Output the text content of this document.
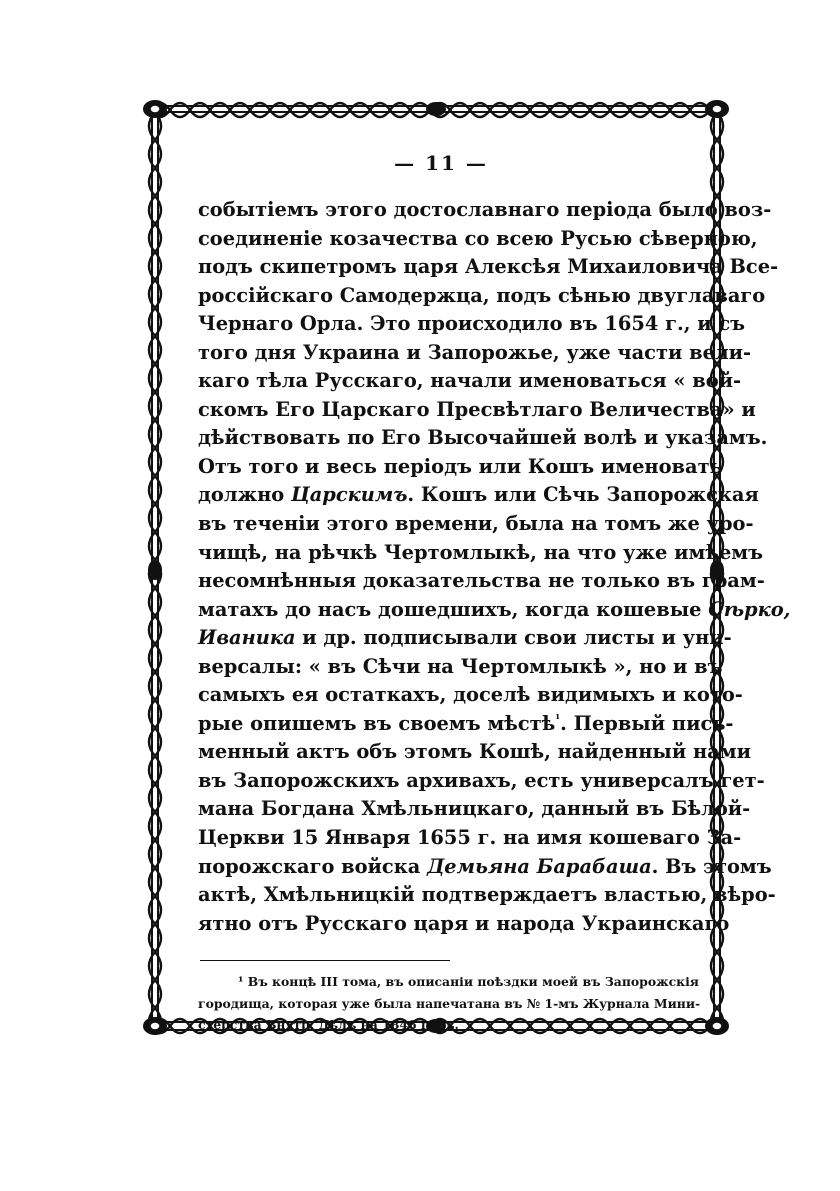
— 11 —
событіемъ этого достославнаго періода было воз-
соединеніе козачества со всею Русью сѣверною,
подъ скипетромъ царя Алексѣя Михаиловича Все-
россійскаго Самодержца, подъ сѣнью двуглаваго
Чернаго Орла. Это происходило въ 1654 г., и съ
того дня Украина и Запорожье, уже части вели-
каго тѣла Русскаго, начали именоваться « вой-
скомъ Его Царскаго Пресвѣтлаго Величества» и
дѣйствовать по Его Высочайшей волѣ и указамъ.
Отъ того и весь періодъ или Кошъ именовать
должно Царскимъ. Кошъ или Сѣчь Запорожская
въ теченіи этого времени, была на томъ же уро-
чищѣ, на рѣчкѣ Чертомлыкѣ, на что уже имѣемъ
несомнѣнныя доказательства не только въ грам-
матахъ до насъ дошедшихъ, когда кошевые Сѣрко,
Иваника и др. подписывали свои листы и уни-
версалы: « въ Сѣчи на Чертомлыкѣ », но и въ
самыхъ ея остаткахъ, доселѣ видимыхъ и кото-
рые опишемъ въ своемъ мѣстѣ$^{^1}$. Первый пись-
менный актъ объ этомъ Кошѣ, найденный нами
въ Запорожскихъ архивахъ, есть универсалъ гет-
мана Богдана Хмѣльницкаго, данный въ Бѣлой-
Церкви 15 Января 1655 г. на имя кошеваго За-
порожскаго войска Демьяна Барабаша. Въ этомъ
актѣ, Хмѣльницкій подтверждаетъ властью, вѣро-
ятно отъ Русскаго царя и народа Украинскаго
¹ Въ концѣ III тома, въ описаніи поѣздки моей въ Запорожскія
городища, которая уже была напечатана въ № 1-мъ Журнала Мини-
стерства Внутр. Дѣлъ на 1846 годъ.
